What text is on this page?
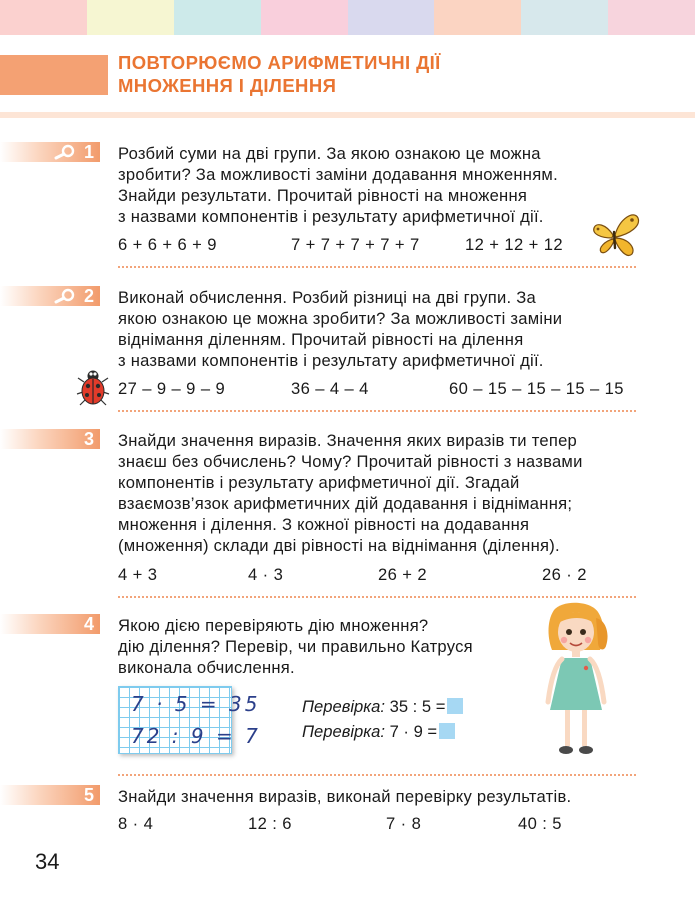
ПОВТОРЮЄМО АРИФМЕТИЧНІ ДІЇ
МНОЖЕННЯ І ДІЛЕННЯ
1 Розбий суми на дві групи. За якою ознакою це можна
зробити? За можливості заміни додавання множенням.
Знайди результати. Прочитай рівності на множення
з назвами компонентів і результату арифметичної дії.
6 + 6 + 6 + 9	7 + 7 + 7 + 7 + 7	12 + 12 + 12
2 Виконай обчислення. Розбий різниці на дві групи. За
якою ознакою це можна зробити? За можливості заміни
віднімання діленням. Прочитай рівності на ділення
з назвами компонентів і результату арифметичної дії.
27 – 9 – 9 – 9	36 – 4 – 4	60 – 15 – 15 – 15 – 15
3 Знайди значення виразів. Значення яких виразів ти тепер
знаєш без обчислень? Чому? Прочитай рівності з назвами
компонентів і результату арифметичної дії. Згадай
взаємозв’язок арифметичних дій додавання і віднімання;
множення і ділення. З кожної рівності на додавання
(множення) склади дві рівності на віднімання (ділення).
4 + 3	4 · 3	26 + 2	26 · 2
4 Якою дією перевіряють дію множення?
дію ділення? Перевір, чи правильно Катруся
виконала обчислення.
7 · 5 = 35
72 : 9 = 7
Перевірка: 35 : 5 =
Перевірка: 7 · 9 =
5 Знайди значення виразів, виконай перевірку результатів.
8 · 4	12 : 6	7 · 8	40 : 5
34
